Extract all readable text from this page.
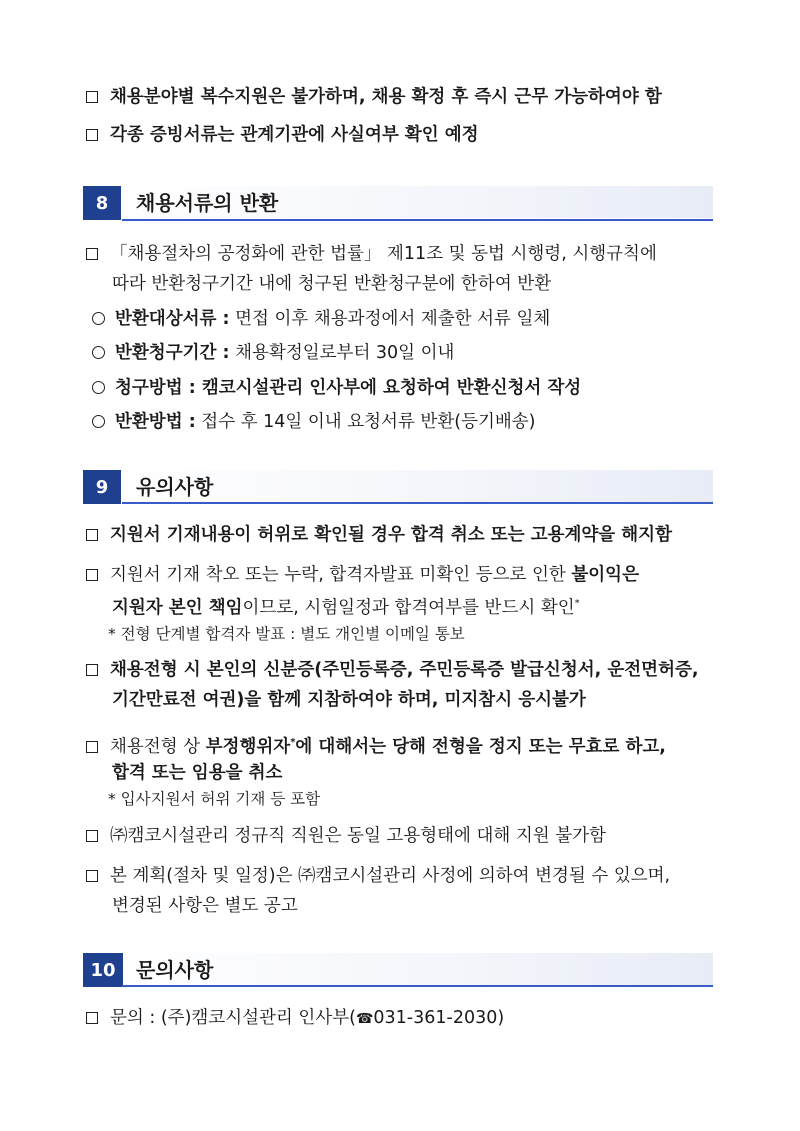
채용분야별 복수지원은 불가하며, 채용 확정 후 즉시 근무 가능하여야 함
각종 증빙서류는 관계기관에 사실여부 확인 예정
8	채용서류의 반환
「채용절차의 공정화에 관한 법률」 제11조 및 동법 시행령, 시행규칙에
따라 반환청구기간 내에 청구된 반환청구분에 한하여 반환
반환대상서류 : 면접 이후 채용과정에서 제출한 서류 일체
반환청구기간 : 채용확정일로부터 30일 이내
청구방법 : 캠코시설관리 인사부에 요청하여 반환신청서 작성
반환방법 : 접수 후 14일 이내 요청서류 반환(등기배송)
9	유의사항
지원서 기재내용이 허위로 확인될 경우 합격 취소 또는 고용계약을 해지함
지원서 기재 착오 또는 누락, 합격자발표 미확인 등으로 인한 불이익은
지원자 본인 책임이므로, 시험일정과 합격여부를 반드시 확인*
* 전형 단계별 합격자 발표 : 별도 개인별 이메일 통보
채용전형 시 본인의 신분증(주민등록증, 주민등록증 발급신청서, 운전면허증,
기간만료전 여권)을 함께 지참하여야 하며, 미지참시 응시불가
채용전형 상 부정행위자*에 대해서는 당해 전형을 정지 또는 무효로 하고,
합격 또는 임용을 취소
* 입사지원서 허위 기재 등 포함
㈜캠코시설관리 정규직 직원은 동일 고용형태에 대해 지원 불가함
본 계획(절차 및 일정)은 ㈜캠코시설관리 사정에 의하여 변경될 수 있으며,
변경된 사항은 별도 공고
10	문의사항
문의 : (주)캠코시설관리 인사부(☎031-361-2030)
